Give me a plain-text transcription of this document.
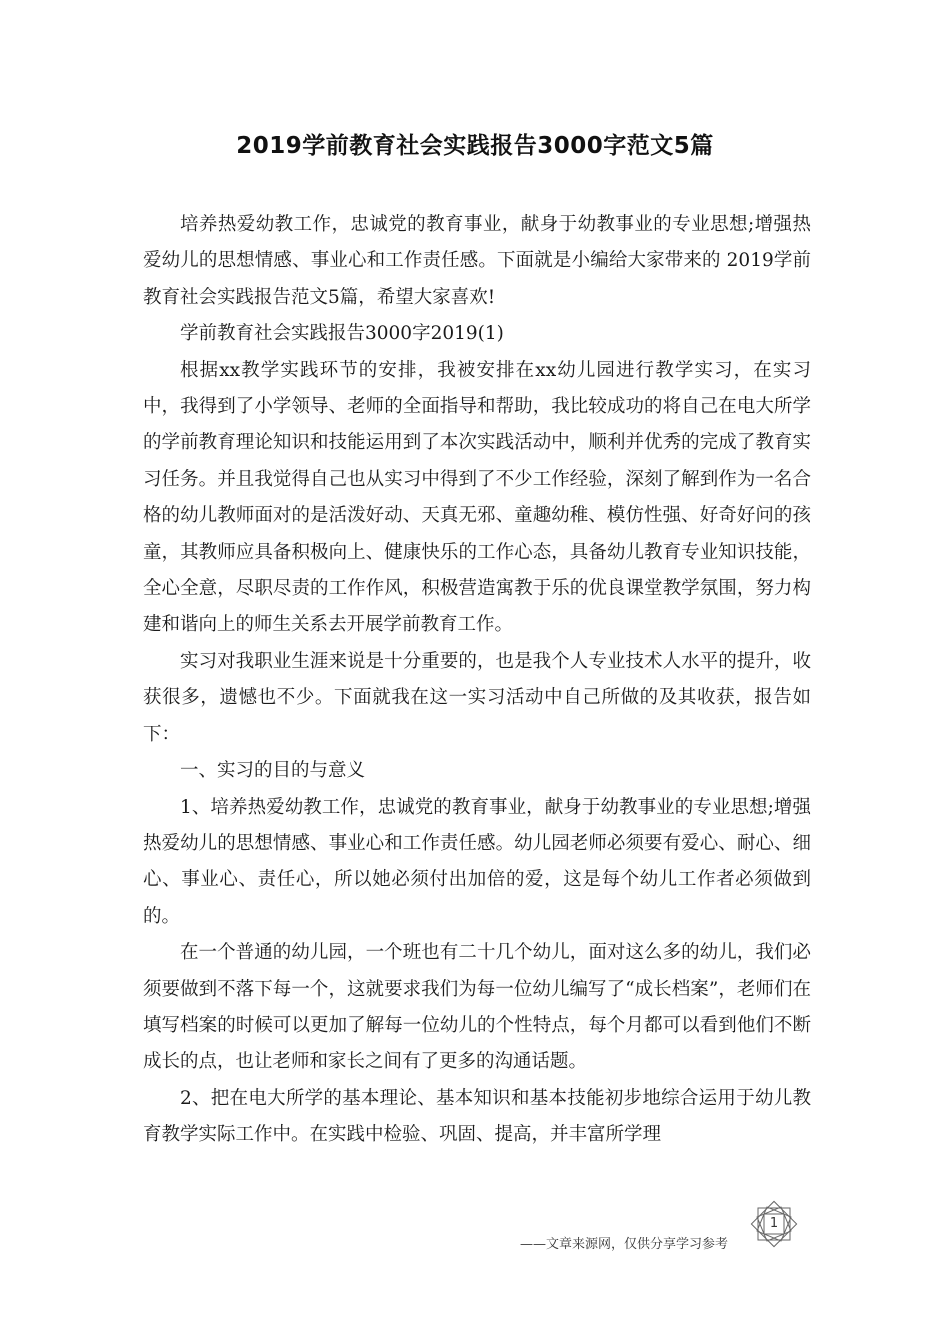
2019学前教育社会实践报告3000字范文5篇

培养热爱幼教工作，忠诚党的教育事业，献身于幼教事业的专业思想;增强热爱幼儿的思想情感、事业心和工作责任感。下面就是小编给大家带来的 2019学前教育社会实践报告范文5篇，希望大家喜欢!

学前教育社会实践报告3000字2019(1)

根据xx教学实践环节的安排，我被安排在xx幼儿园进行教学实习，在实习中，我得到了小学领导、老师的全面指导和帮助，我比较成功的将自己在电大所学的学前教育理论知识和技能运用到了本次实践活动中，顺利并优秀的完成了教育实习任务。并且我觉得自己也从实习中得到了不少工作经验，深刻了解到作为一名合格的幼儿教师面对的是活泼好动、天真无邪、童趣幼稚、模仿性强、好奇好问的孩童，其教师应具备积极向上、健康快乐的工作心态，具备幼儿教育专业知识技能，全心全意，尽职尽责的工作作风，积极营造寓教于乐的优良课堂教学氛围，努力构建和谐向上的师生关系去开展学前教育工作。

实习对我职业生涯来说是十分重要的，也是我个人专业技术人水平的提升，收获很多，遗憾也不少。下面就我在这一实习活动中自己所做的及其收获，报告如下：

一、实习的目的与意义

1、培养热爱幼教工作，忠诚党的教育事业，献身于幼教事业的专业思想;增强热爱幼儿的思想情感、事业心和工作责任感。幼儿园老师必须要有爱心、耐心、细心、事业心、责任心，所以她必须付出加倍的爱，这是每个幼儿工作者必须做到的。

在一个普通的幼儿园，一个班也有二十几个幼儿，面对这么多的幼儿，我们必须要做到不落下每一个，这就要求我们为每一位幼儿编写了“成长档案”，老师们在填写档案的时候可以更加了解每一位幼儿的个性特点，每个月都可以看到他们不断成长的点，也让老师和家长之间有了更多的沟通话题。

2、把在电大所学的基本理论、基本知识和基本技能初步地综合运用于幼儿教育教学实际工作中。在实践中检验、巩固、提高，并丰富所学理

——文章来源网，仅供分享学习参考
1
